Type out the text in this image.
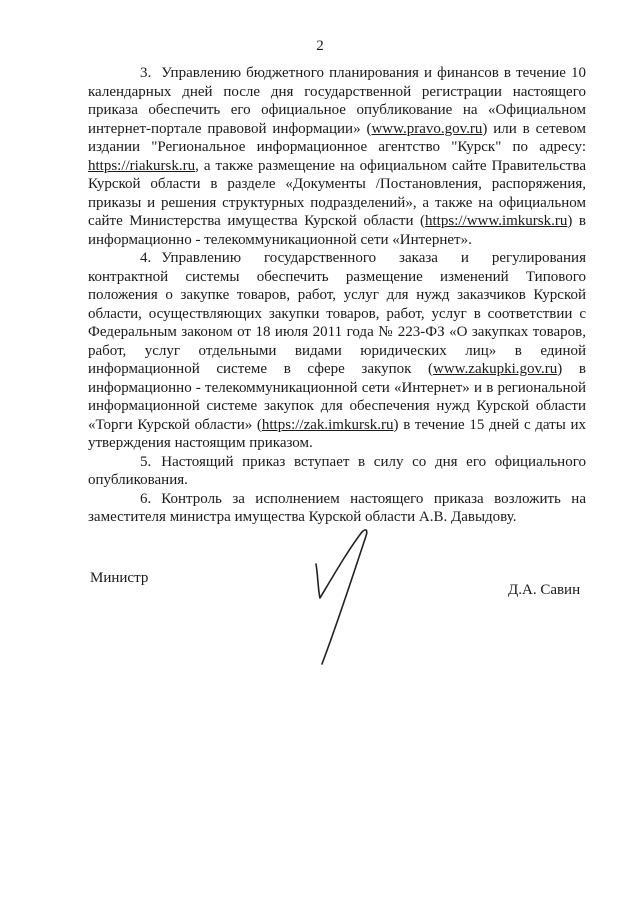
2

3. Управлению бюджетного планирования и финансов в течение 10 календарных дней после дня государственной регистрации настоящего приказа обеспечить его официальное опубликование на «Официальном интернет-портале правовой информации» (www.pravo.gov.ru) или в сетевом издании "Региональное информационное агентство "Курск" по адресу: https://riakursk.ru, а также размещение на официальном сайте Правительства Курской области в разделе «Документы /Постановления, распоряжения, приказы и решения структурных подразделений», а также на официальном сайте Министерства имущества Курской области (https://www.imkursk.ru) в информационно - телекоммуникационной сети «Интернет».

4. Управлению государственного заказа и регулирования контрактной системы обеспечить размещение изменений Типового положения о закупке товаров, работ, услуг для нужд заказчиков Курской области, осуществляющих закупки товаров, работ, услуг в соответствии с Федеральным законом от 18 июля 2011 года № 223-ФЗ «О закупках товаров, работ, услуг отдельными видами юридических лиц» в единой информационной системе в сфере закупок (www.zakupki.gov.ru) в информационно - телекоммуникационной сети «Интернет» и в региональной информационной системе закупок для обеспечения нужд Курской области «Торги Курской области» (https://zak.imkursk.ru) в течение 15 дней с даты их утверждения настоящим приказом.

5. Настоящий приказ вступает в силу со дня его официального опубликования.

6. Контроль за исполнением настоящего приказа возложить на заместителя министра имущества Курской области А.В. Давыдову.

Министр
Д.А. Савин
